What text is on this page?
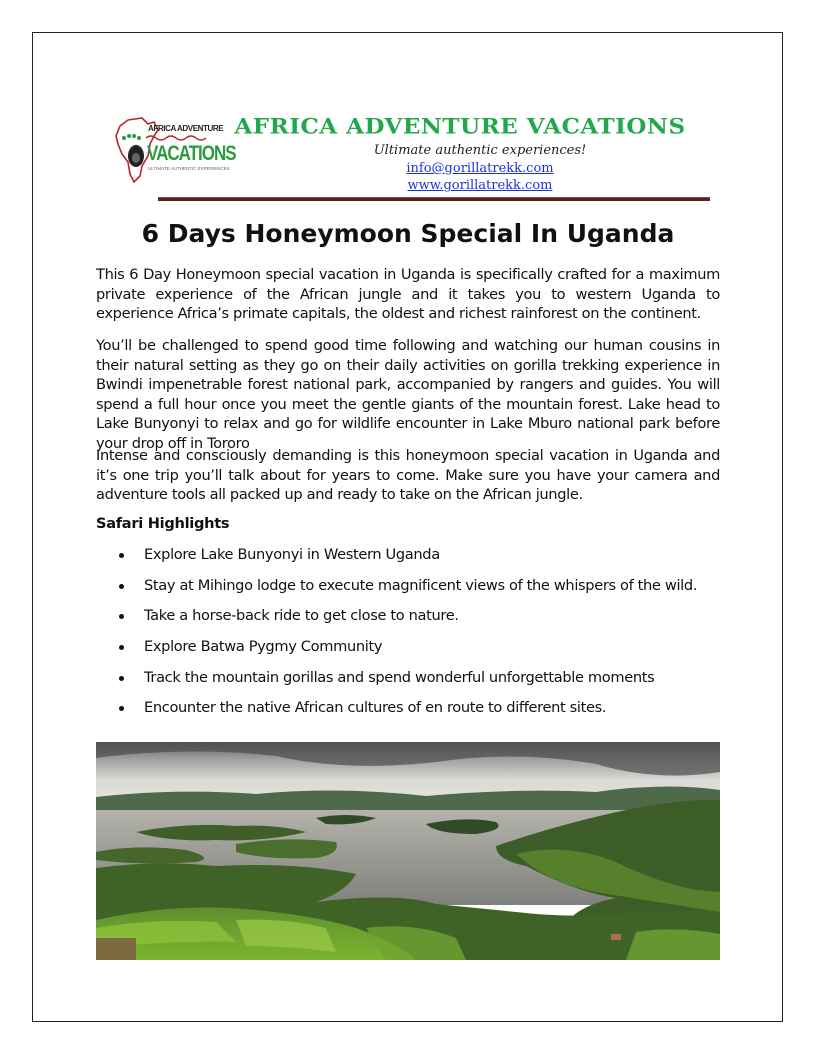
AFRICA ADVENTURE
VACATIONS
ULTIMATE AUTHENTIC EXPERIENCES
AFRICA ADVENTURE VACATIONS
Ultimate authentic experiences!
info@gorillatrekk.com
www.gorillatrekk.com
6 Days Honeymoon Special In Uganda
This 6 Day Honeymoon special vacation in Uganda is specifically crafted for a maximum private experience of the African jungle and it takes you to western Uganda to experience Africa’s primate capitals, the oldest and richest rainforest on the continent.
You’ll be challenged to spend good time following and watching our human cousins in their natural setting as they go on their daily activities on gorilla trekking experience in Bwindi impenetrable forest national park, accompanied by rangers and guides. You will spend a full hour once you meet the gentle giants of the mountain forest. Lake head to Lake Bunyonyi to relax and go for wildlife encounter in Lake Mburo national park before your drop off in Tororo
Intense and consciously demanding is this honeymoon special vacation in Uganda and it’s one trip you’ll talk about for years to come. Make sure you have your camera and adventure tools all packed up and ready to take on the African jungle.
Safari Highlights
Explore Lake Bunyonyi in Western Uganda
Stay at Mihingo lodge to execute magnificent views of the whispers of the wild.
Take a horse-back ride to get close to nature.
Explore Batwa Pygmy Community
Track the mountain gorillas and spend wonderful unforgettable moments
Encounter the native African cultures of en route to different sites.
